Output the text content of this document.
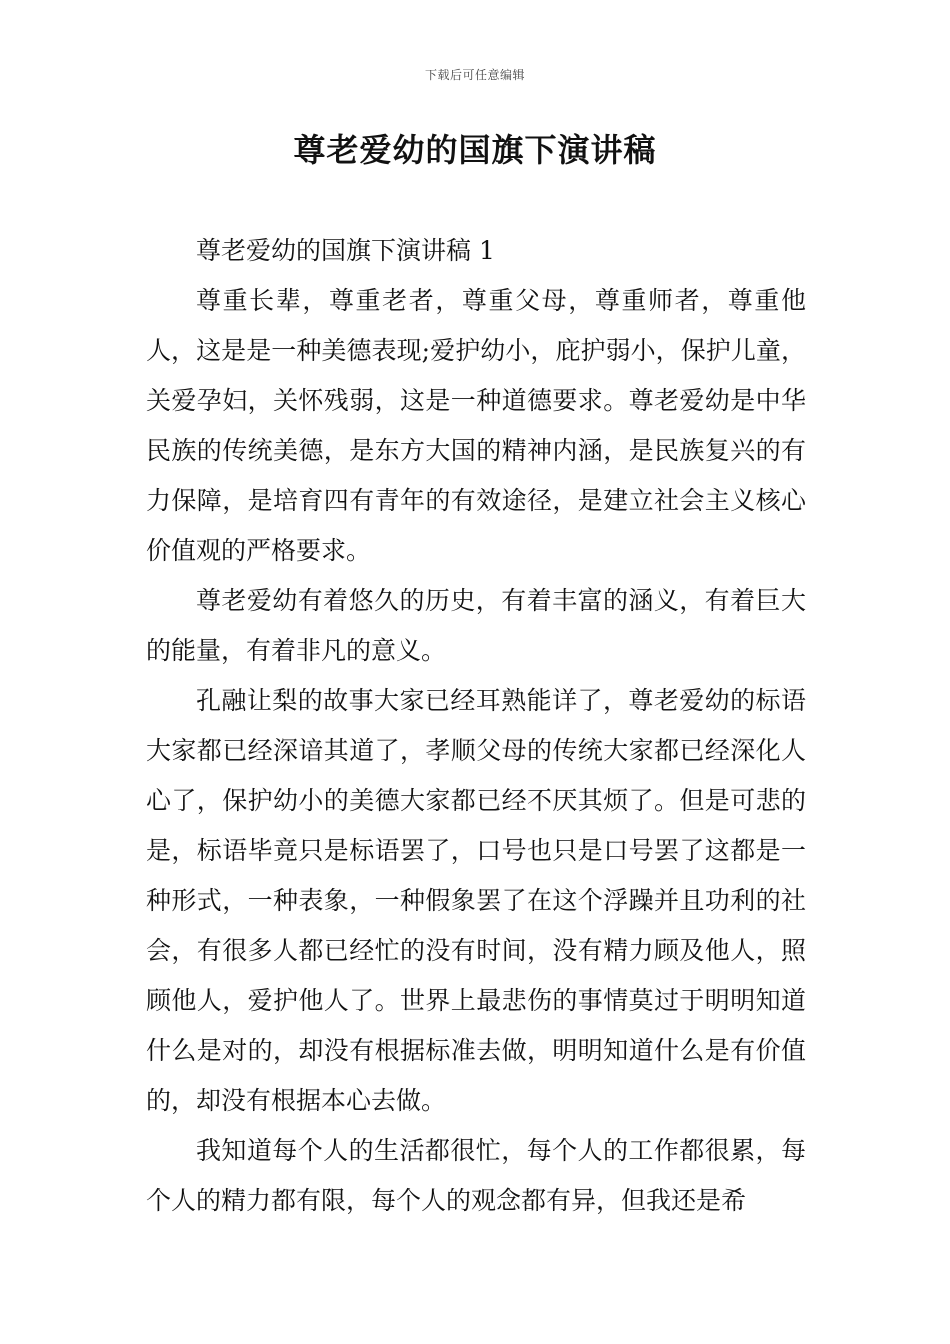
下载后可任意编辑
尊老爱幼的国旗下演讲稿

尊老爱幼的国旗下演讲稿 1

尊重长辈，尊重老者，尊重父母，尊重师者，尊重他人，这是是一种美德表现;爱护幼小，庇护弱小，保护儿童，关爱孕妇，关怀残弱，这是一种道德要求。尊老爱幼是中华民族的传统美德，是东方大国的精神内涵，是民族复兴的有力保障，是培育四有青年的有效途径，是建立社会主义核心价值观的严格要求。

尊老爱幼有着悠久的历史，有着丰富的涵义，有着巨大的能量，有着非凡的意义。

孔融让梨的故事大家已经耳熟能详了，尊老爱幼的标语大家都已经深谙其道了，孝顺父母的传统大家都已经深化人心了，保护幼小的美德大家都已经不厌其烦了。但是可悲的是，标语毕竟只是标语罢了，口号也只是口号罢了这都是一种形式，一种表象，一种假象罢了在这个浮躁并且功利的社会，有很多人都已经忙的没有时间，没有精力顾及他人，照顾他人，爱护他人了。世界上最悲伤的事情莫过于明明知道什么是对的，却没有根据标准去做，明明知道什么是有价值的，却没有根据本心去做。

我知道每个人的生活都很忙，每个人的工作都很累，每个人的精力都有限，每个人的观念都有异，但我还是希
